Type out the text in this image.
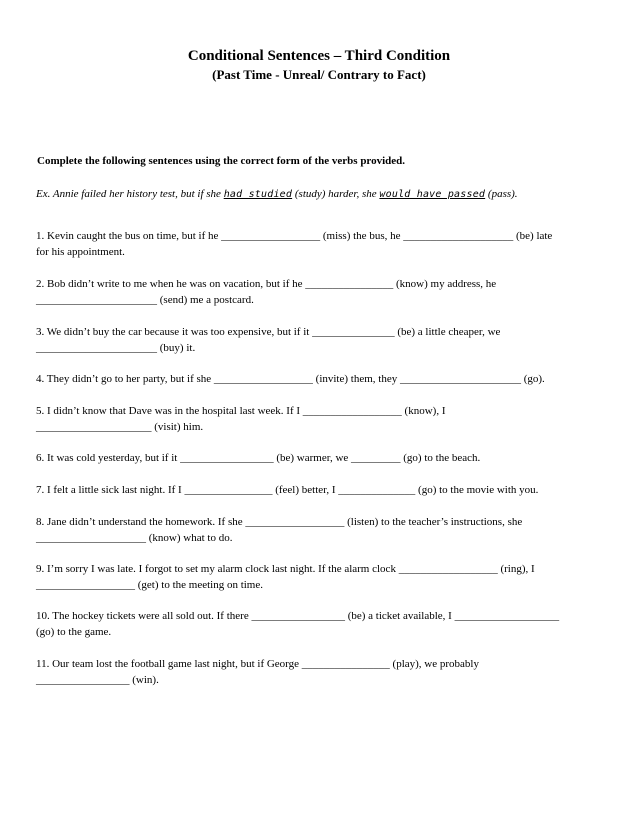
Conditional Sentences – Third Condition
(Past Time - Unreal/ Contrary to Fact)
Complete the following sentences using the correct form of the verbs provided.
Ex. Annie failed her history test, but if she had studied (study) harder, she would have passed (pass).
1. Kevin caught the bus on time, but if he __________________ (miss) the bus, he ____________________ (be) late
for his appointment.
2. Bob didn’t write to me when he was on vacation, but if he ________________ (know) my address, he
______________________ (send) me a postcard.
3. We didn’t buy the car because it was too expensive, but if it _______________ (be) a little cheaper, we
______________________ (buy) it.
4. They didn’t go to her party, but if she __________________ (invite) them, they ______________________ (go).
5. I didn’t know that Dave was in the hospital last week. If I __________________ (know), I
_____________________ (visit) him.
6. It was cold yesterday, but if it _________________ (be) warmer, we _________ (go) to the beach.
7. I felt a little sick last night. If I ________________ (feel) better, I ______________ (go) to the movie with you.
8. Jane didn’t understand the homework. If she __________________ (listen) to the teacher’s instructions, she
____________________ (know) what to do.
9. I’m sorry I was late. I forgot to set my alarm clock last night. If the alarm clock __________________ (ring), I
__________________ (get) to the meeting on time.
10. The hockey tickets were all sold out. If there _________________ (be) a ticket available, I ___________________
(go) to the game.
11. Our team lost the football game last night, but if George ________________ (play), we probably
_________________ (win).
